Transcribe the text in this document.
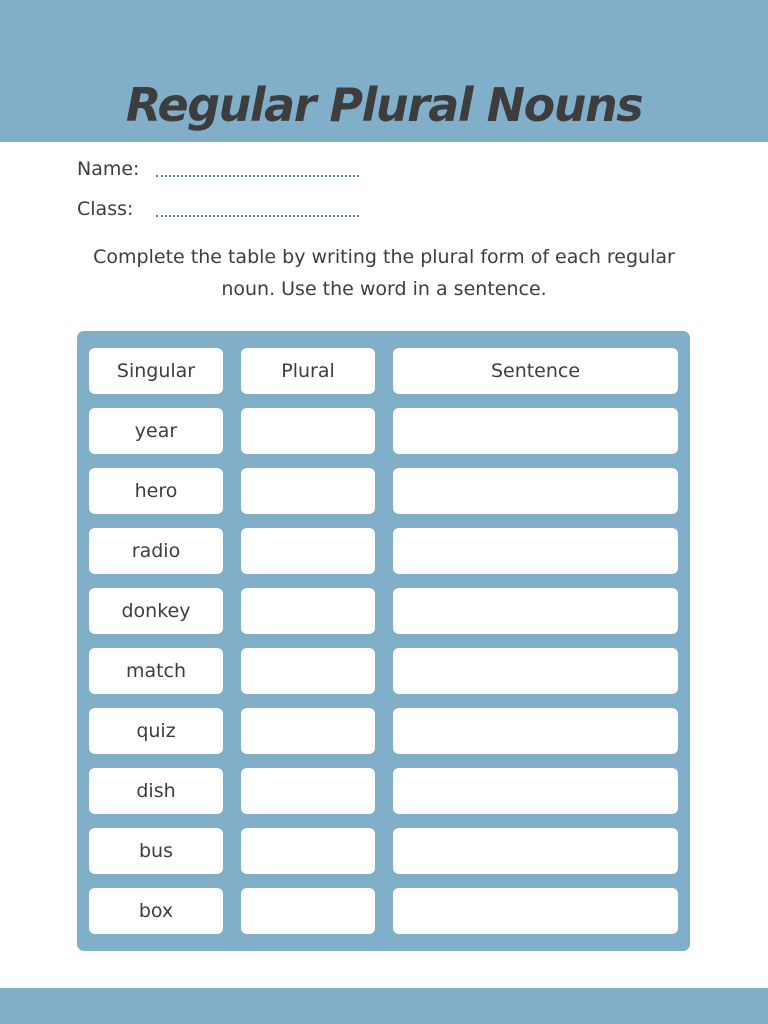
Regular Plural Nouns
Name:
Class:

Complete the table by writing the plural form of each regular noun. Use the word in a sentence.

Singular	Plural	Sentence
year
hero
radio
donkey
match
quiz
dish
bus
box
